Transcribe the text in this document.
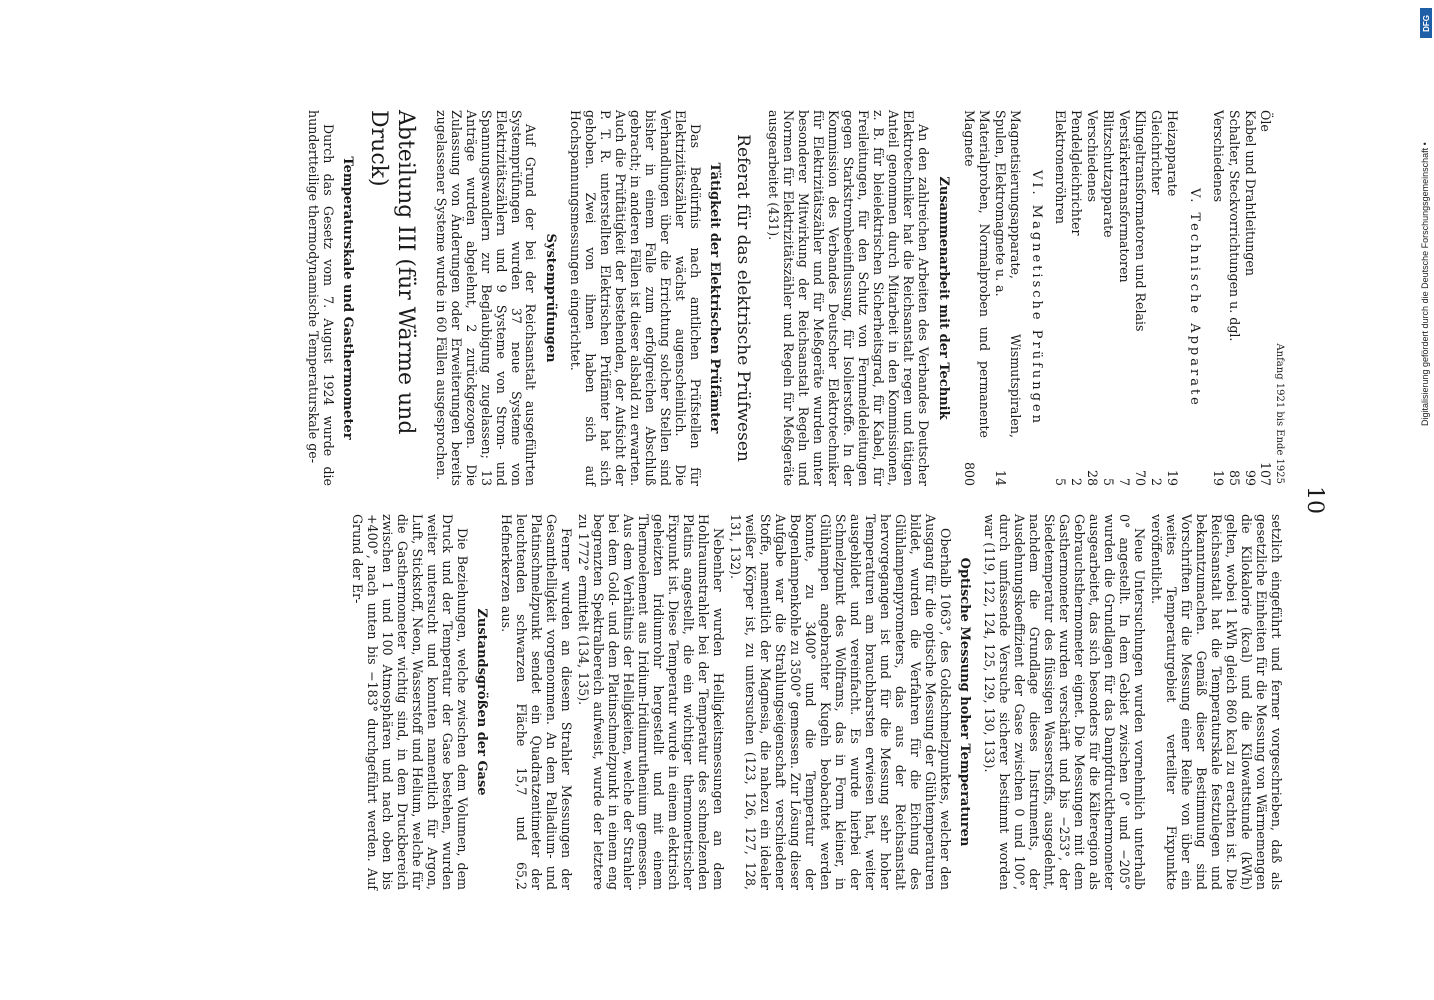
10
Anfang 1921 bis Ende 1925
Öle	107
Kabel und Drahtleitungen	99
Schalter, Steckvorrichtungen u. dgl.	85
Verschiedenes	19
V. Technische Apparate
Heizapparate	19
Gleichrichter	2
Klingeltransformatoren und Relais	70
Verstärkertransformatoren	7
Blitzschutzapparate	5
Verschiedenes	28
Pendelgleichrichter	2
Elektronenröhren	5
VI. Magnetische Prüfungen
Magnetisierungsapparate, Wismutspiralen, Spulen, Elektromagnete u. a.	14
Materialproben, Normalproben und permanente Magnete	800
Zusammenarbeit mit der Technik

An den zahlreichen Arbeiten des Verbandes Deutscher Elektrotechniker hat die Reichsanstalt regen und tätigen Anteil genommen durch Mitarbeit in den Kommissionen, z. B. für bleielektrischen Sicherheitsgrad, für Kabel, für Freileitungen, für den Schutz von Fernmeldeleitungen gegen Starkstrombeeinflussung, für Isolierstoffe. In der Kommission des Verbandes Deutscher Elektrotechniker für Elektrizitätszähler und für Meßgeräte wurden unter besonderer Mitwirkung der Reichsanstalt Regeln und Normen für Elektrizitätszähler und Regeln für Meßgeräte ausgearbeitet (431).

Referat für das elektrische Prüfwesen
Tätigkeit der Elektrischen Prüfämter

Das Bedürfnis nach amtlichen Prüfstellen für Elektrizitätszähler wächst augenscheinlich. Die Verhandlungen über die Errichtung solcher Stellen sind bisher in einem Falle zum erfolgreichen Abschluß gebracht; in anderen Fällen ist dieser alsbald zu erwarten. Auch die Prüftätigkeit der bestehenden, der Aufsicht der P. T. R. unterstellten Elektrischen Prüfämter hat sich gehoben. Zwei von ihnen haben sich auf Hochspannungsmessungen eingerichtet.

Systemprüfungen

Auf Grund der bei der Reichsanstalt ausgeführten Systemprüfungen wurden 37 neue Systeme von Elektrizitätszählern und 9 Systeme von Strom- und Spannungswandlern zur Beglaubigung zugelassen; 13 Anträge wurden abgelehnt, 2 zurückgezogen. Die Zulassung von Änderungen oder Erweiterungen bereits zugelassener Systeme wurde in 60 Fällen ausgesprochen.

Abteilung III (für Wärme und Druck)
Temperaturskale und Gasthermometer

Durch das Gesetz vom 7. August 1924 wurde die hundertteilige thermodynamische Temperaturskale ge-

setzlich eingeführt und ferner vorgeschrieben, daß als gesetzliche Einheiten für die Messung von Wärmemengen die Kilokalorie (kcal) und die Kilowattstunde (kWh) gelten, wobei 1 kWh gleich 860 kcal zu erachten ist. Die Reichsanstalt hat die Temperaturskale festzulegen und bekanntzumachen. Gemäß dieser Bestimmung sind Vorschriften für die Messung einer Reihe von über ein weites Temperaturgebiet verteilter Fixpunkte veröffentlicht.

Neue Untersuchungen wurden vornehmlich unterhalb 0° angestellt. In dem Gebiet zwischen 0° und −205° wurden die Grundlagen für das Dampfdruckthermometer ausgearbeitet, das sich besonders für die Kälteregion als Gebrauchsthermometer eignet. Die Messungen mit dem Gasthermometer wurden verschärft und bis −253°, der Siedetemperatur des flüssigen Wasserstoffs, ausgedehnt, nachdem die Grundlage dieses Instruments, der Ausdehnungskoeffizient der Gase zwischen 0 und 100°, durch umfassende Versuche sicherer bestimmt worden war (119, 122, 124, 125, 129, 130, 133).

Optische Messung hoher Temperaturen

Oberhalb 1063°, des Goldschmelzpunktes, welcher den Ausgang für die optische Messung der Glühtemperaturen bildet, wurden die Verfahren für die Eichung des Glühlampenpyrometers, das aus der Reichsanstalt hervorgegangen ist und für die Messung sehr hoher Temperaturen am brauchbarsten erwiesen hat, weiter ausgebildet und vereinfacht. Es wurde hierbei der Schmelzpunkt des Wolframs, das in Form kleiner, in Glühlampen angebrachter Kugeln beobachtet werden konnte, zu 3400° und die Temperatur der Bogenlampenkohle zu 3500° gemessen. Zur Lösung dieser Aufgabe war die Strahlungseigenschaft verschiedener Stoffe, namentlich der Magnesia, die nahezu ein idealer weißer Körper ist, zu untersuchen (123, 126, 127, 128, 131, 132).

Nebenher wurden Helligkeitsmessungen an dem Hohlraumstrahler bei der Temperatur des schmelzenden Platins angestellt, die ein wichtiger thermometrischer Fixpunkt ist. Diese Temperatur wurde in einem elektrisch geheizten Iridiumrohr hergestellt und mit einem Thermoelement aus Iridium-Iridiumruthenium gemessen. Aus dem Verhältnis der Helligkeiten, welche der Strahler bei dem Gold- und dem Platinschmelzpunkt in einem eng begrenzten Spektralbereich aufweist, wurde der letztere zu 1772° ermittelt (134, 135).

Ferner wurden an diesem Strahler Messungen der Gesamthelligkeit vorgenommen. An dem Palladium- und Platinschmelzpunkt sendet ein Quadratzentimeter der leuchtenden schwarzen Fläche 15,7 und 65,2 Hefnerkerzen aus.

Zustandsgrößen der Gase

Die Beziehungen, welche zwischen dem Volumen, dem Druck und der Temperatur der Gase bestehen, wurden weiter untersucht und konnten namentlich für Argon, Luft, Stickstoff, Neon, Wasserstoff und Helium, welche für die Gasthermometer wichtig sind, in dem Druckbereich zwischen 1 und 100 Atmosphären und nach oben bis +400°, nach unten bis −183° durchgeführt werden. Auf Grund der Er-

DFG
Digitalisierung gefördert durch die Deutsche Forschungsgemeinschaft •
